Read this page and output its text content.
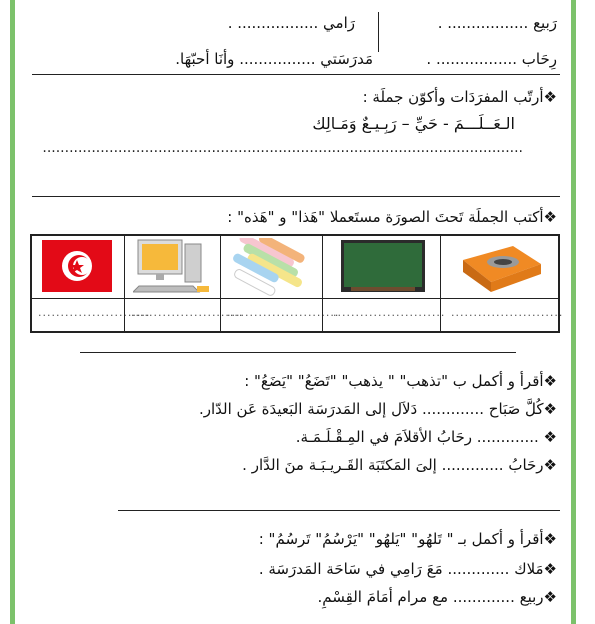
رَبيع ................. .
رَامي ................. .
رِحَاب ................. .
مَدرَسَتي ................ وأنَا أحبّهَا.
❖أرتّب المفرَدَات وأكوّن جملَة :
الـعَــلَـــمَ - حَيِّ – رَبِـيـعٌ وَمَـالِك
............................................................................................................
❖أكتب الجملَة تَحتَ الصورَة مستَعملا "هَذا" و "هَذه" :
.........................
.........................
.........................
......................... .........................
❖أقرأ و أكمل ب "تذهب" " يذهب" "تَضَعُ" "يَضَعُ" :
❖كُلَّ صَبَاح ............. دَلاَل إلى المَدرَسَة البَعيدَة عَن الدّار.
❖ ............. رحَابُ الأقلاَمَ في المِـقْـلَـمَـة.
❖رحَابُ ............. إلىَ المَكتَبَة القَـريـبَـة منَ الدَّار .
❖أقرأ و أكمل بـ " تَلهُو" "يَلهُو" "يَرْسُمُ" تَرسُمُ" :
❖مَلاك ............. مَعَ رَامِي في سَاحَة المَدرَسَة .
❖ربيع ............. مع مرام أمَامَ القِسْمِ.
